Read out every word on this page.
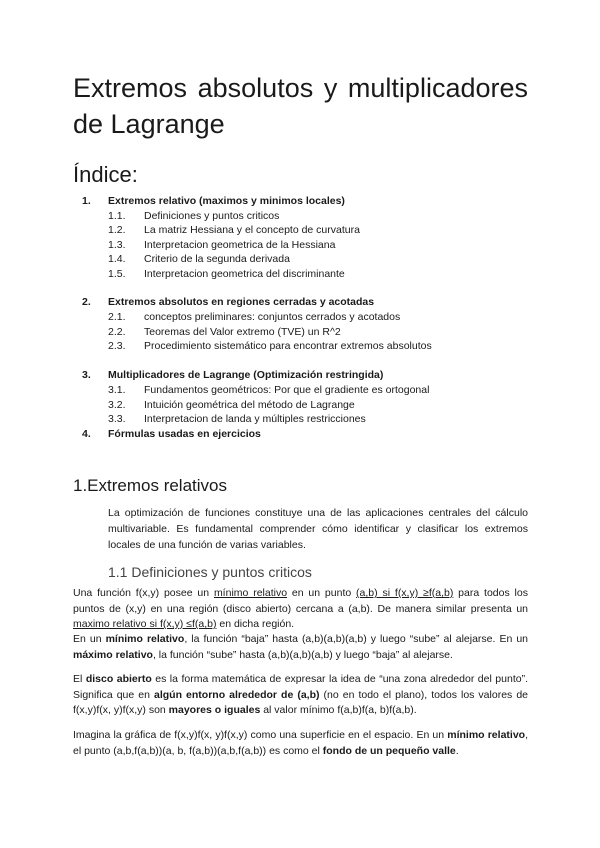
Extremos absolutos y multiplicadores de Lagrange
Índice:
1. Extremos relativo (maximos y minimos locales)
1.1. Definiciones y puntos criticos
1.2. La matriz Hessiana y el concepto de curvatura
1.3. Interpretacion geometrica de la Hessiana
1.4. Criterio de la segunda derivada
1.5. Interpretacion geometrica del discriminante
2. Extremos absolutos en regiones cerradas y acotadas
2.1. conceptos preliminares: conjuntos cerrados y acotados
2.2. Teoremas del Valor extremo (TVE) un R^2
2.3. Procedimiento sistemático para encontrar extremos absolutos
3. Multiplicadores de Lagrange (Optimización restringida)
3.1. Fundamentos geométricos: Por que el gradiente es ortogonal
3.2. Intuición geométrica del método de Lagrange
3.3. Interpretacion de landa y múltiples restricciones
4. Fórmulas usadas en ejercicios
1.Extremos relativos

La optimización de funciones constituye una de las aplicaciones centrales del cálculo multivariable. Es fundamental comprender cómo identificar y clasificar los extremos locales de una función de varias variables.

1.1 Definiciones y puntos criticos

Una función f(x,y) posee un mínimo relativo en un punto (a,b) si f(x,y) ≥f(a,b) para todos los puntos de (x,y) en una región (disco abierto) cercana a (a,b). De manera similar presenta un maximo relativo si f(x,y) ≤f(a,b) en dicha región.

En un mínimo relativo, la función “baja” hasta (a,b)(a,b)(a,b) y luego “sube” al alejarse. En un máximo relativo, la función “sube” hasta (a,b)(a,b)(a,b) y luego “baja” al alejarse.

El disco abierto es la forma matemática de expresar la idea de “una zona alrededor del punto”. Significa que en algún entorno alrededor de (a,b) (no en todo el plano), todos los valores de f(x,y)f(x, y)f(x,y) son mayores o iguales al valor mínimo f(a,b)f(a, b)f(a,b).

Imagina la gráfica de f(x,y)f(x, y)f(x,y) como una superficie en el espacio. En un mínimo relativo, el punto (a,b,f(a,b))(a, b, f(a,b))(a,b,f(a,b)) es como el fondo de un pequeño valle.
